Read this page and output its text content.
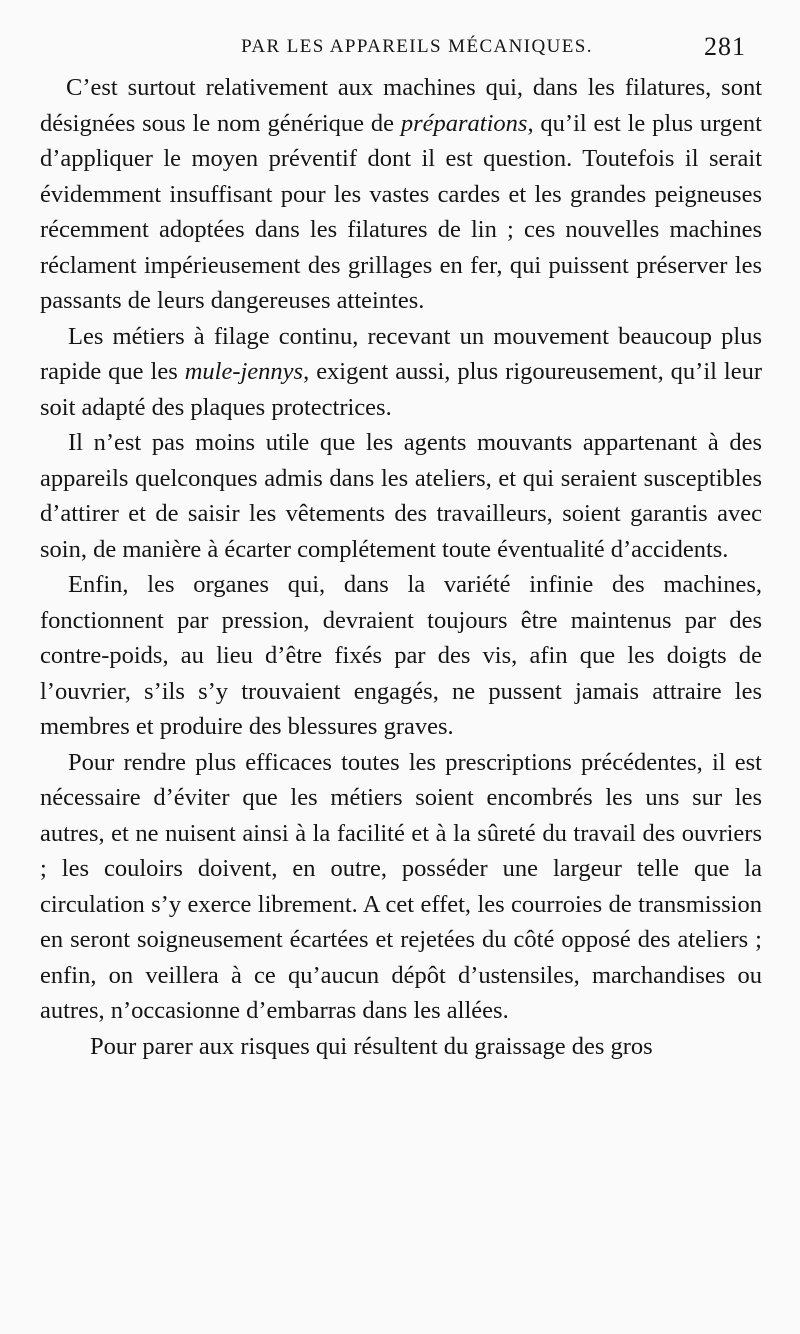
PAR LES APPAREILS MÉCANIQUES.	281

C’est surtout relativement aux machines qui, dans les filatures, sont désignées sous le nom générique de préparations, qu’il est le plus urgent d’appliquer le moyen préventif dont il est question. Toutefois il serait évidemment insuffisant pour les vastes cardes et les grandes peigneuses récemment adoptées dans les filatures de lin ; ces nouvelles machines réclament impérieusement des grillages en fer, qui puissent préserver les passants de leurs dangereuses atteintes.

Les métiers à filage continu, recevant un mouvement beaucoup plus rapide que les mule-jennys, exigent aussi, plus rigoureusement, qu’il leur soit adapté des plaques protectrices.

Il n’est pas moins utile que les agents mouvants appartenant à des appareils quelconques admis dans les ateliers, et qui seraient susceptibles d’attirer et de saisir les vêtements des travailleurs, soient garantis avec soin, de manière à écarter complétement toute éventualité d’accidents.

Enfin, les organes qui, dans la variété infinie des machines, fonctionnent par pression, devraient toujours être maintenus par des contre-poids, au lieu d’être fixés par des vis, afin que les doigts de l’ouvrier, s’ils s’y trouvaient engagés, ne pussent jamais attraire les membres et produire des blessures graves.

Pour rendre plus efficaces toutes les prescriptions précédentes, il est nécessaire d’éviter que les métiers soient encombrés les uns sur les autres, et ne nuisent ainsi à la facilité et à la sûreté du travail des ouvriers ; les couloirs doivent, en outre, posséder une largeur telle que la circulation s’y exerce librement. A cet effet, les courroies de transmission en seront soigneusement écartées et rejetées du côté opposé des ateliers ; enfin, on veillera à ce qu’aucun dépôt d’ustensiles, marchandises ou autres, n’occasionne d’embarras dans les allées.

Pour parer aux risques qui résultent du graissage des gros
